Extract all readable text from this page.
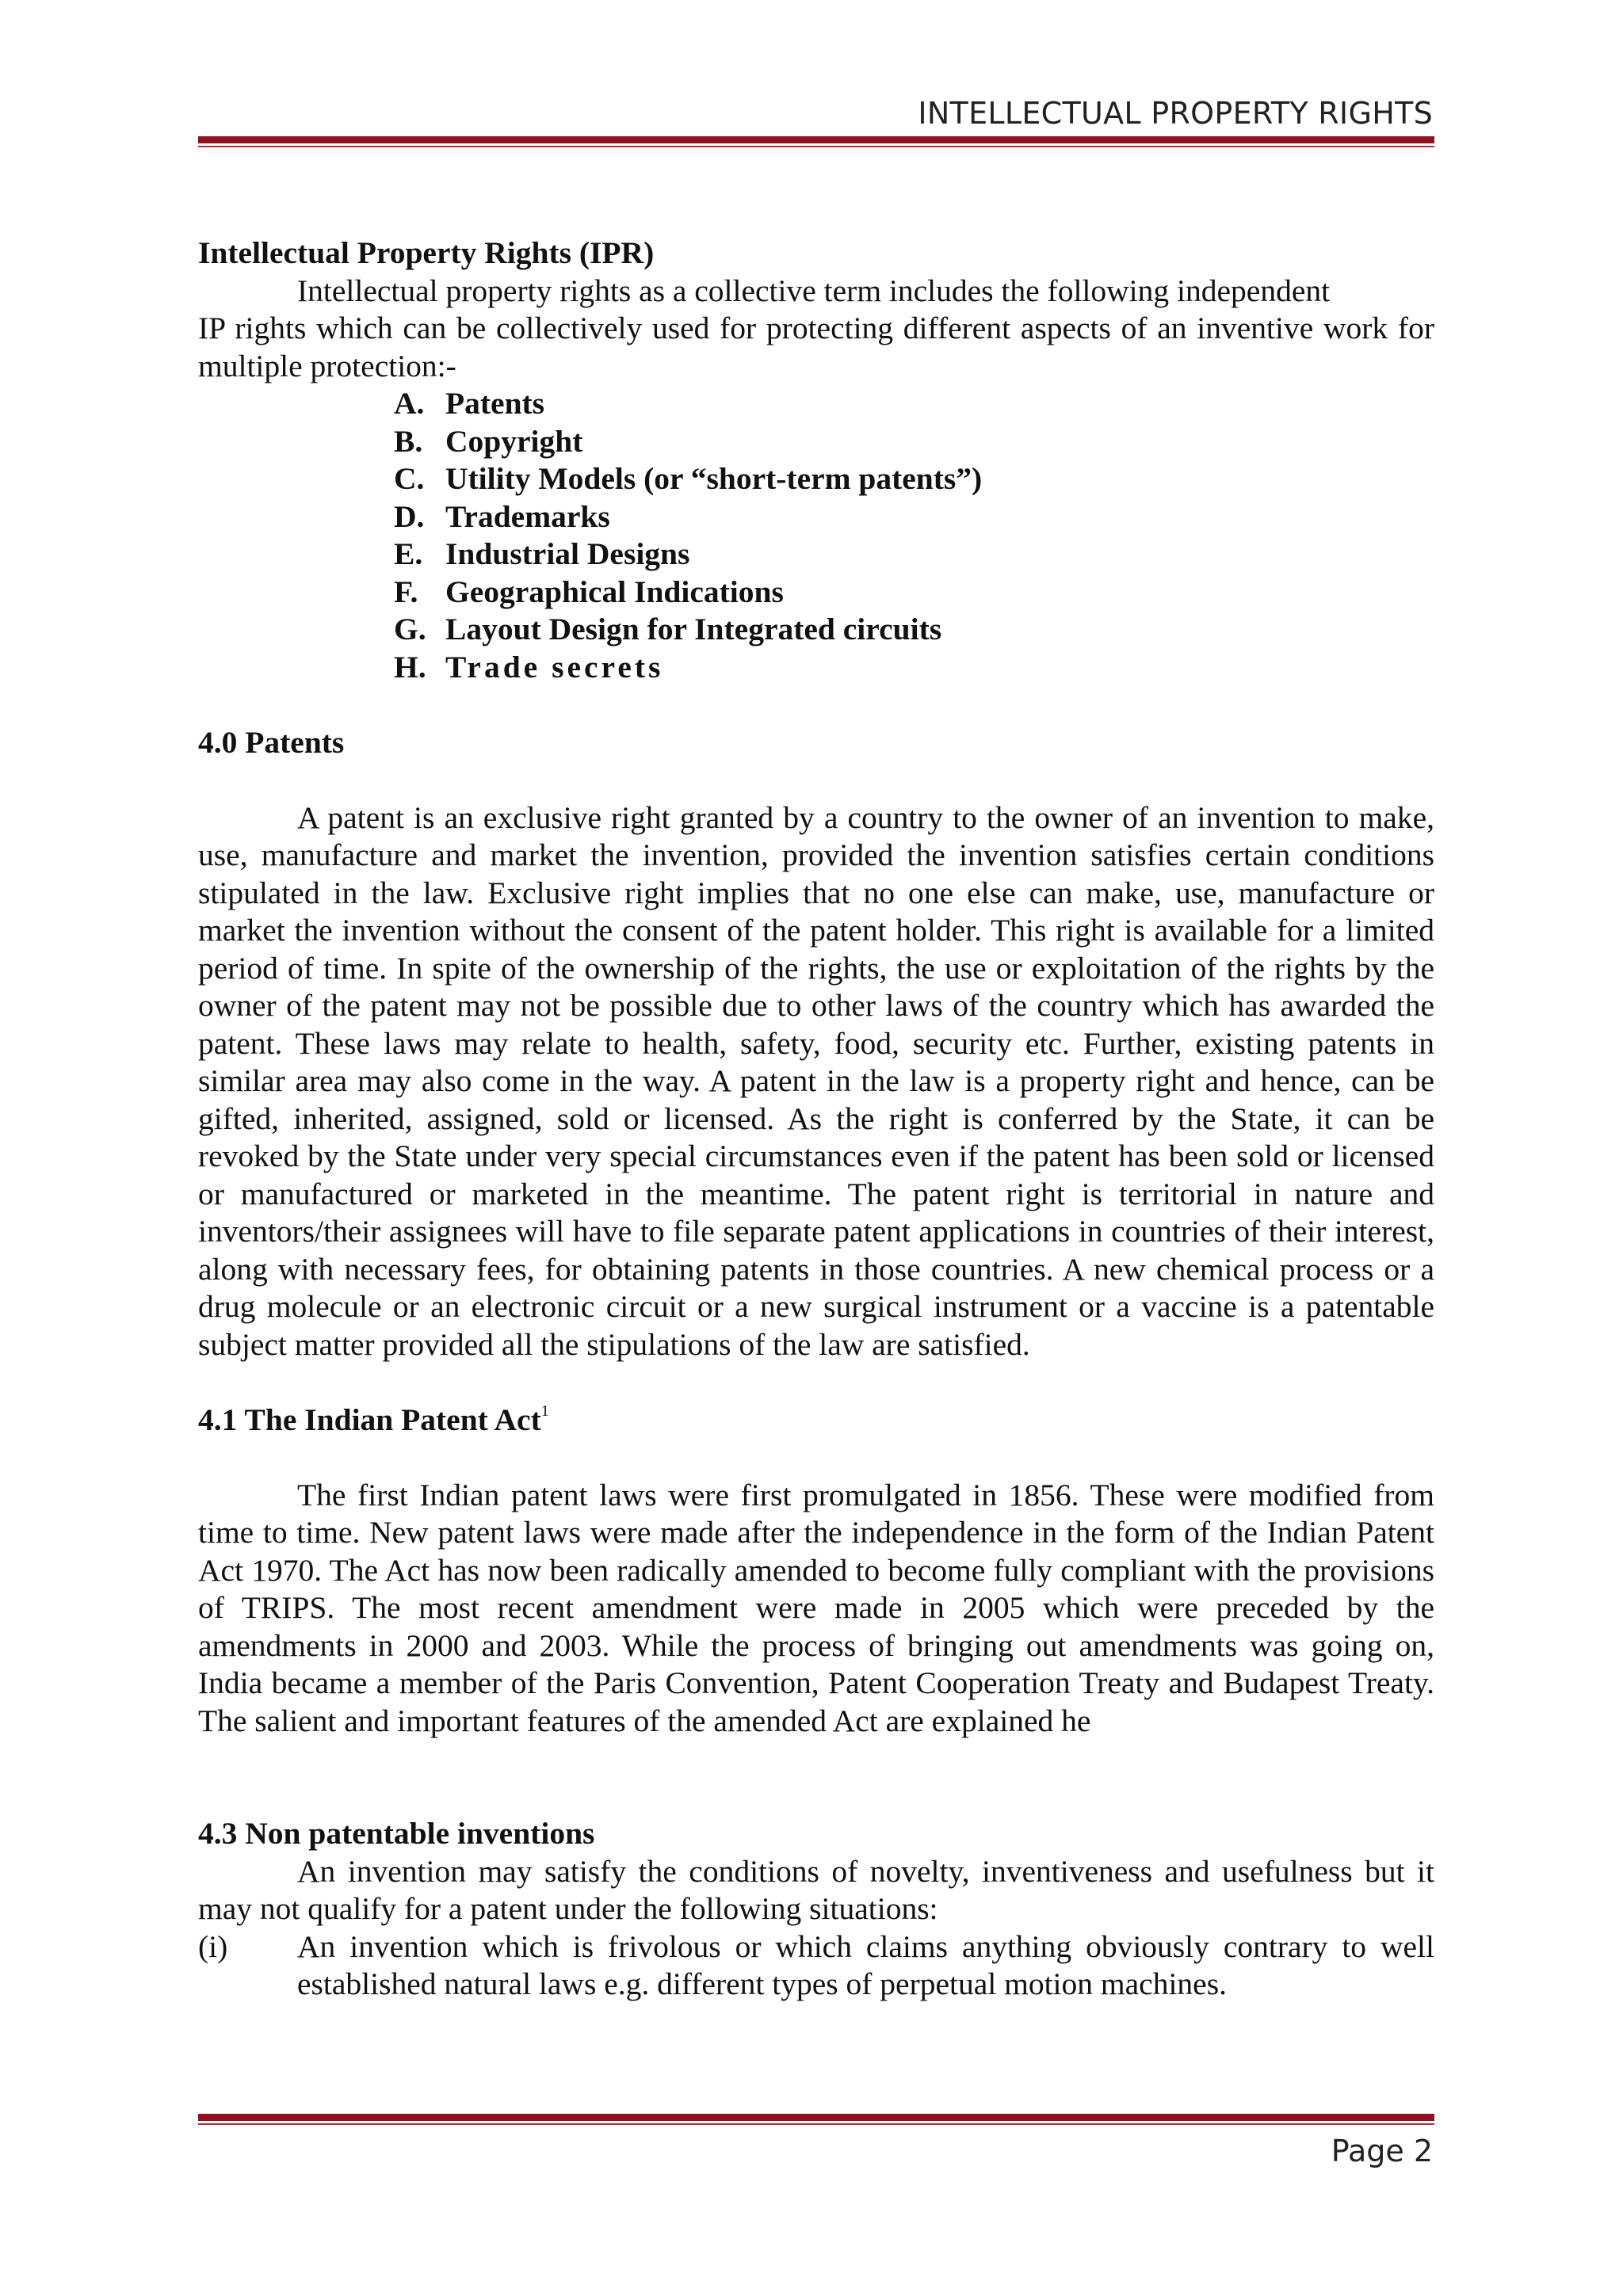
INTELLECTUAL PROPERTY RIGHTS
Intellectual Property Rights (IPR)

Intellectual property rights as a collective term includes the following independent
IP rights which can be collectively used for protecting different aspects of an inventive work for multiple protection:-

A. Patents
B. Copyright
C. Utility Models (or “short-term patents”)
D. Trademarks
E. Industrial Designs
F. Geographical Indications
G. Layout Design for Integrated circuits
H. Trade secrets
4.0 Patents

A patent is an exclusive right granted by a country to the owner of an invention to make, use, manufacture and market the invention, provided the invention satisfies certain conditions stipulated in the law. Exclusive right implies that no one else can make, use, manufacture or market the invention without the consent of the patent holder. This right is available for a limited period of time. In spite of the ownership of the rights, the use or exploitation of the rights by the owner of the patent may not be possible due to other laws of the country which has awarded the patent. These laws may relate to health, safety, food, security etc. Further, existing patents in similar area may also come in the way. A patent in the law is a property right and hence, can be gifted, inherited, assigned, sold or licensed. As the right is conferred by the State, it can be revoked by the State under very special circumstances even if the patent has been sold or licensed or manufactured or marketed in the meantime. The patent right is territorial in nature and inventors/their assignees will have to file separate patent applications in countries of their interest, along with necessary fees, for obtaining patents in those countries. A new chemical process or a drug molecule or an electronic circuit or a new surgical instrument or a vaccine is a patentable subject matter provided all the stipulations of the law are satisfied.

4.1 The Indian Patent Act$^1$

The first Indian patent laws were first promulgated in 1856. These were modified from time to time. New patent laws were made after the independence in the form of the Indian Patent Act 1970. The Act has now been radically amended to become fully compliant with the provisions of TRIPS. The most recent amendment were made in 2005 which were preceded by the amendments in 2000 and 2003. While the process of bringing out amendments was going on, India became a member of the Paris Convention, Patent Cooperation Treaty and Budapest Treaty. The salient and important features of the amended Act are explained he

4.3 Non patentable inventions

An invention may satisfy the conditions of novelty, inventiveness and usefulness but it may not qualify for a patent under the following situations:

(i) An invention which is frivolous or which claims anything obviously contrary to well established natural laws e.g. different types of perpetual motion machines.
Page 2
